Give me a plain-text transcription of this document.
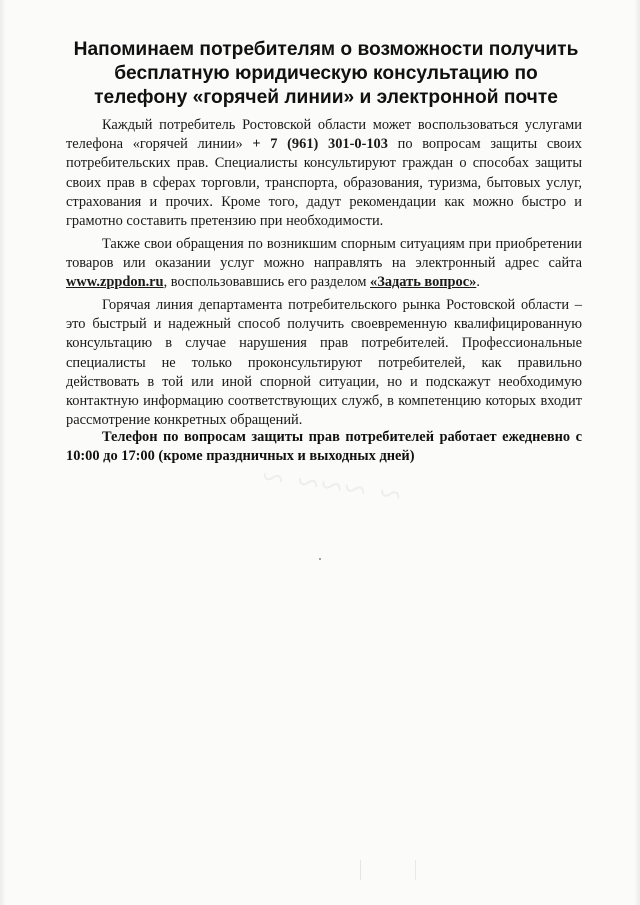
Напоминаем потребителям о возможности получить бесплатную юридическую консультацию по телефону «горячей линии» и электронной почте

Каждый потребитель Ростовской области может воспользоваться услугами телефона «горячей линии» + 7 (961) 301-0-103 по вопросам защиты своих потребительских прав. Специалисты консультируют граждан о способах защиты своих прав в сферах торговли, транспорта, образования, туризма, бытовых услуг, страхования и прочих. Кроме того, дадут рекомендации как можно быстро и грамотно составить претензию при необходимости.

Также свои обращения по возникшим спорным ситуациям при приобретении товаров или оказании услуг можно направлять на электронный адрес сайта www.zppdon.ru, воспользовавшись его разделом «Задать вопрос».

Горячая линия департамента потребительского рынка Ростовской области – это быстрый и надежный способ получить своевременную квалифицированную консультацию в случае нарушения прав потребителей. Профессиональные специалисты не только проконсультируют потребителей, как правильно действовать в той или иной спорной ситуации, но и подскажут необходимую контактную информацию соответствующих служб, в компетенцию которых входит рассмотрение конкретных обращений.

Телефон по вопросам защиты прав потребителей работает ежедневно с 10:00 до 17:00 (кроме праздничных и выходных дней)

~ ~~~ ~
